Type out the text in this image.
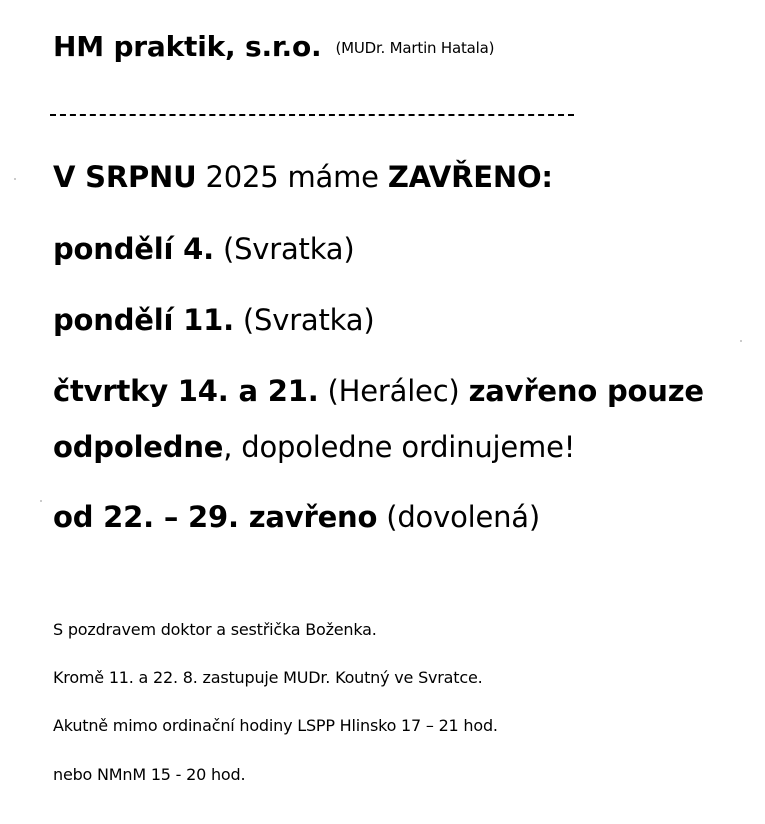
HM praktik, s.r.o. (MUDr. Martin Hatala)
V SRPNU 2025 máme ZAVŘENO:
pondělí 4. (Svratka)
pondělí 11. (Svratka)
čtvrtky 14. a 21. (Herálec) zavřeno pouze
odpoledne, dopoledne ordinujeme!
od 22. – 29. zavřeno (dovolená)
S pozdravem doktor a sestřička Boženka.
Kromě 11. a 22. 8. zastupuje MUDr. Koutný ve Svratce.
Akutně mimo ordinační hodiny LSPP Hlinsko 17 – 21 hod.
nebo NMnM 15 - 20 hod.
